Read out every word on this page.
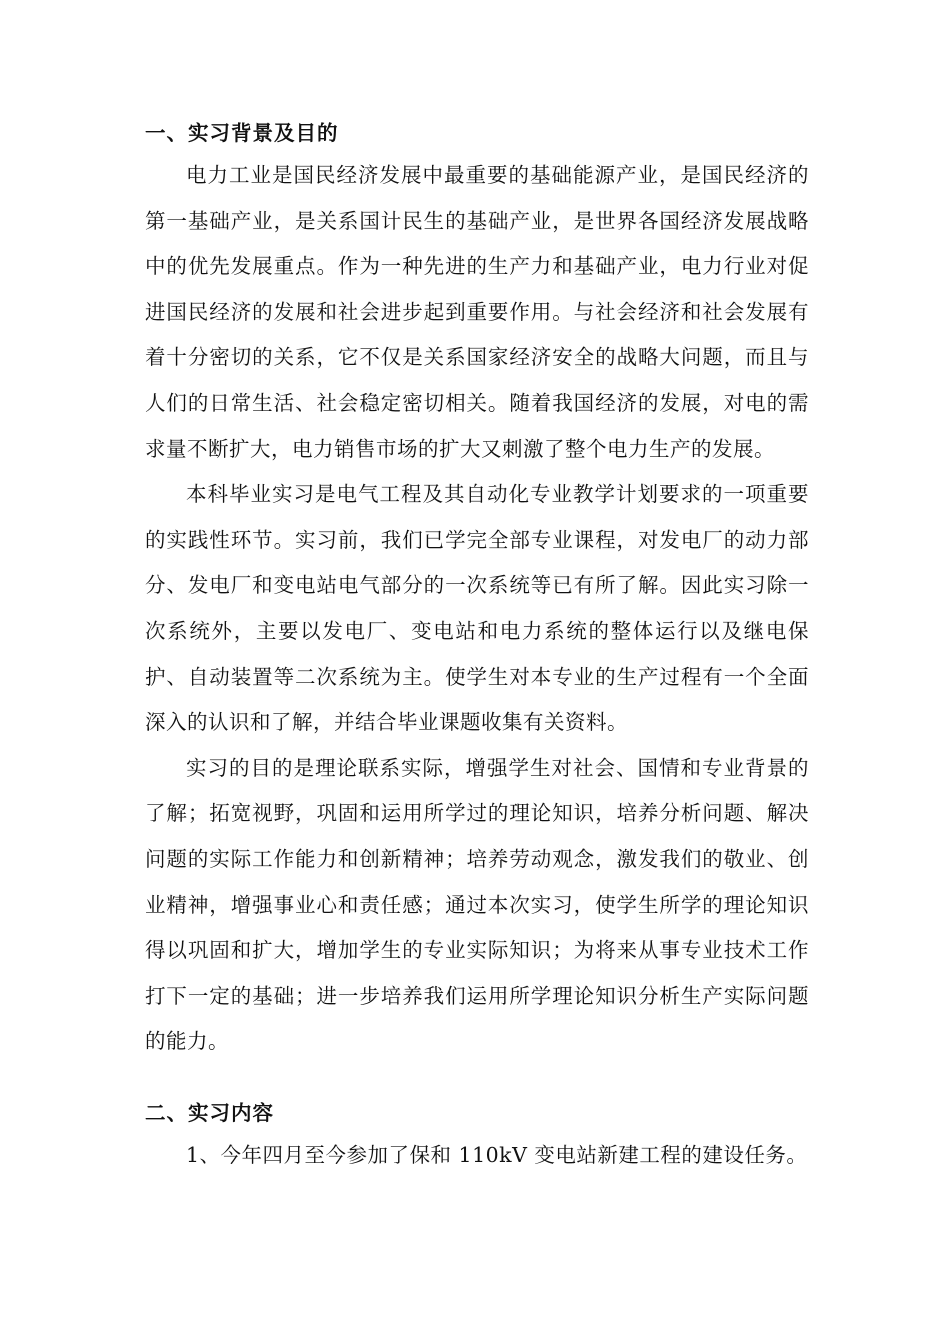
一、实习背景及目的

电力工业是国民经济发展中最重要的基础能源产业，是国民经济的第一基础产业，是关系国计民生的基础产业，是世界各国经济发展战略中的优先发展重点。作为一种先进的生产力和基础产业，电力行业对促进国民经济的发展和社会进步起到重要作用。与社会经济和社会发展有着十分密切的关系，它不仅是关系国家经济安全的战略大问题，而且与人们的日常生活、社会稳定密切相关。随着我国经济的发展，对电的需求量不断扩大，电力销售市场的扩大又刺激了整个电力生产的发展。

本科毕业实习是电气工程及其自动化专业教学计划要求的一项重要的实践性环节。实习前，我们已学完全部专业课程，对发电厂的动力部分、发电厂和变电站电气部分的一次系统等已有所了解。因此实习除一次系统外，主要以发电厂、变电站和电力系统的整体运行以及继电保护、自动装置等二次系统为主。使学生对本专业的生产过程有一个全面深入的认识和了解，并结合毕业课题收集有关资料。

实习的目的是理论联系实际，增强学生对社会、国情和专业背景的了解；拓宽视野，巩固和运用所学过的理论知识，培养分析问题、解决问题的实际工作能力和创新精神；培养劳动观念，激发我们的敬业、创业精神，增强事业心和责任感；通过本次实习，使学生所学的理论知识得以巩固和扩大，增加学生的专业实际知识；为将来从事专业技术工作打下一定的基础；进一步培养我们运用所学理论知识分析生产实际问题的能力。

二、实习内容

1、今年四月至今参加了保和 110kV 变电站新建工程的建设任务。
